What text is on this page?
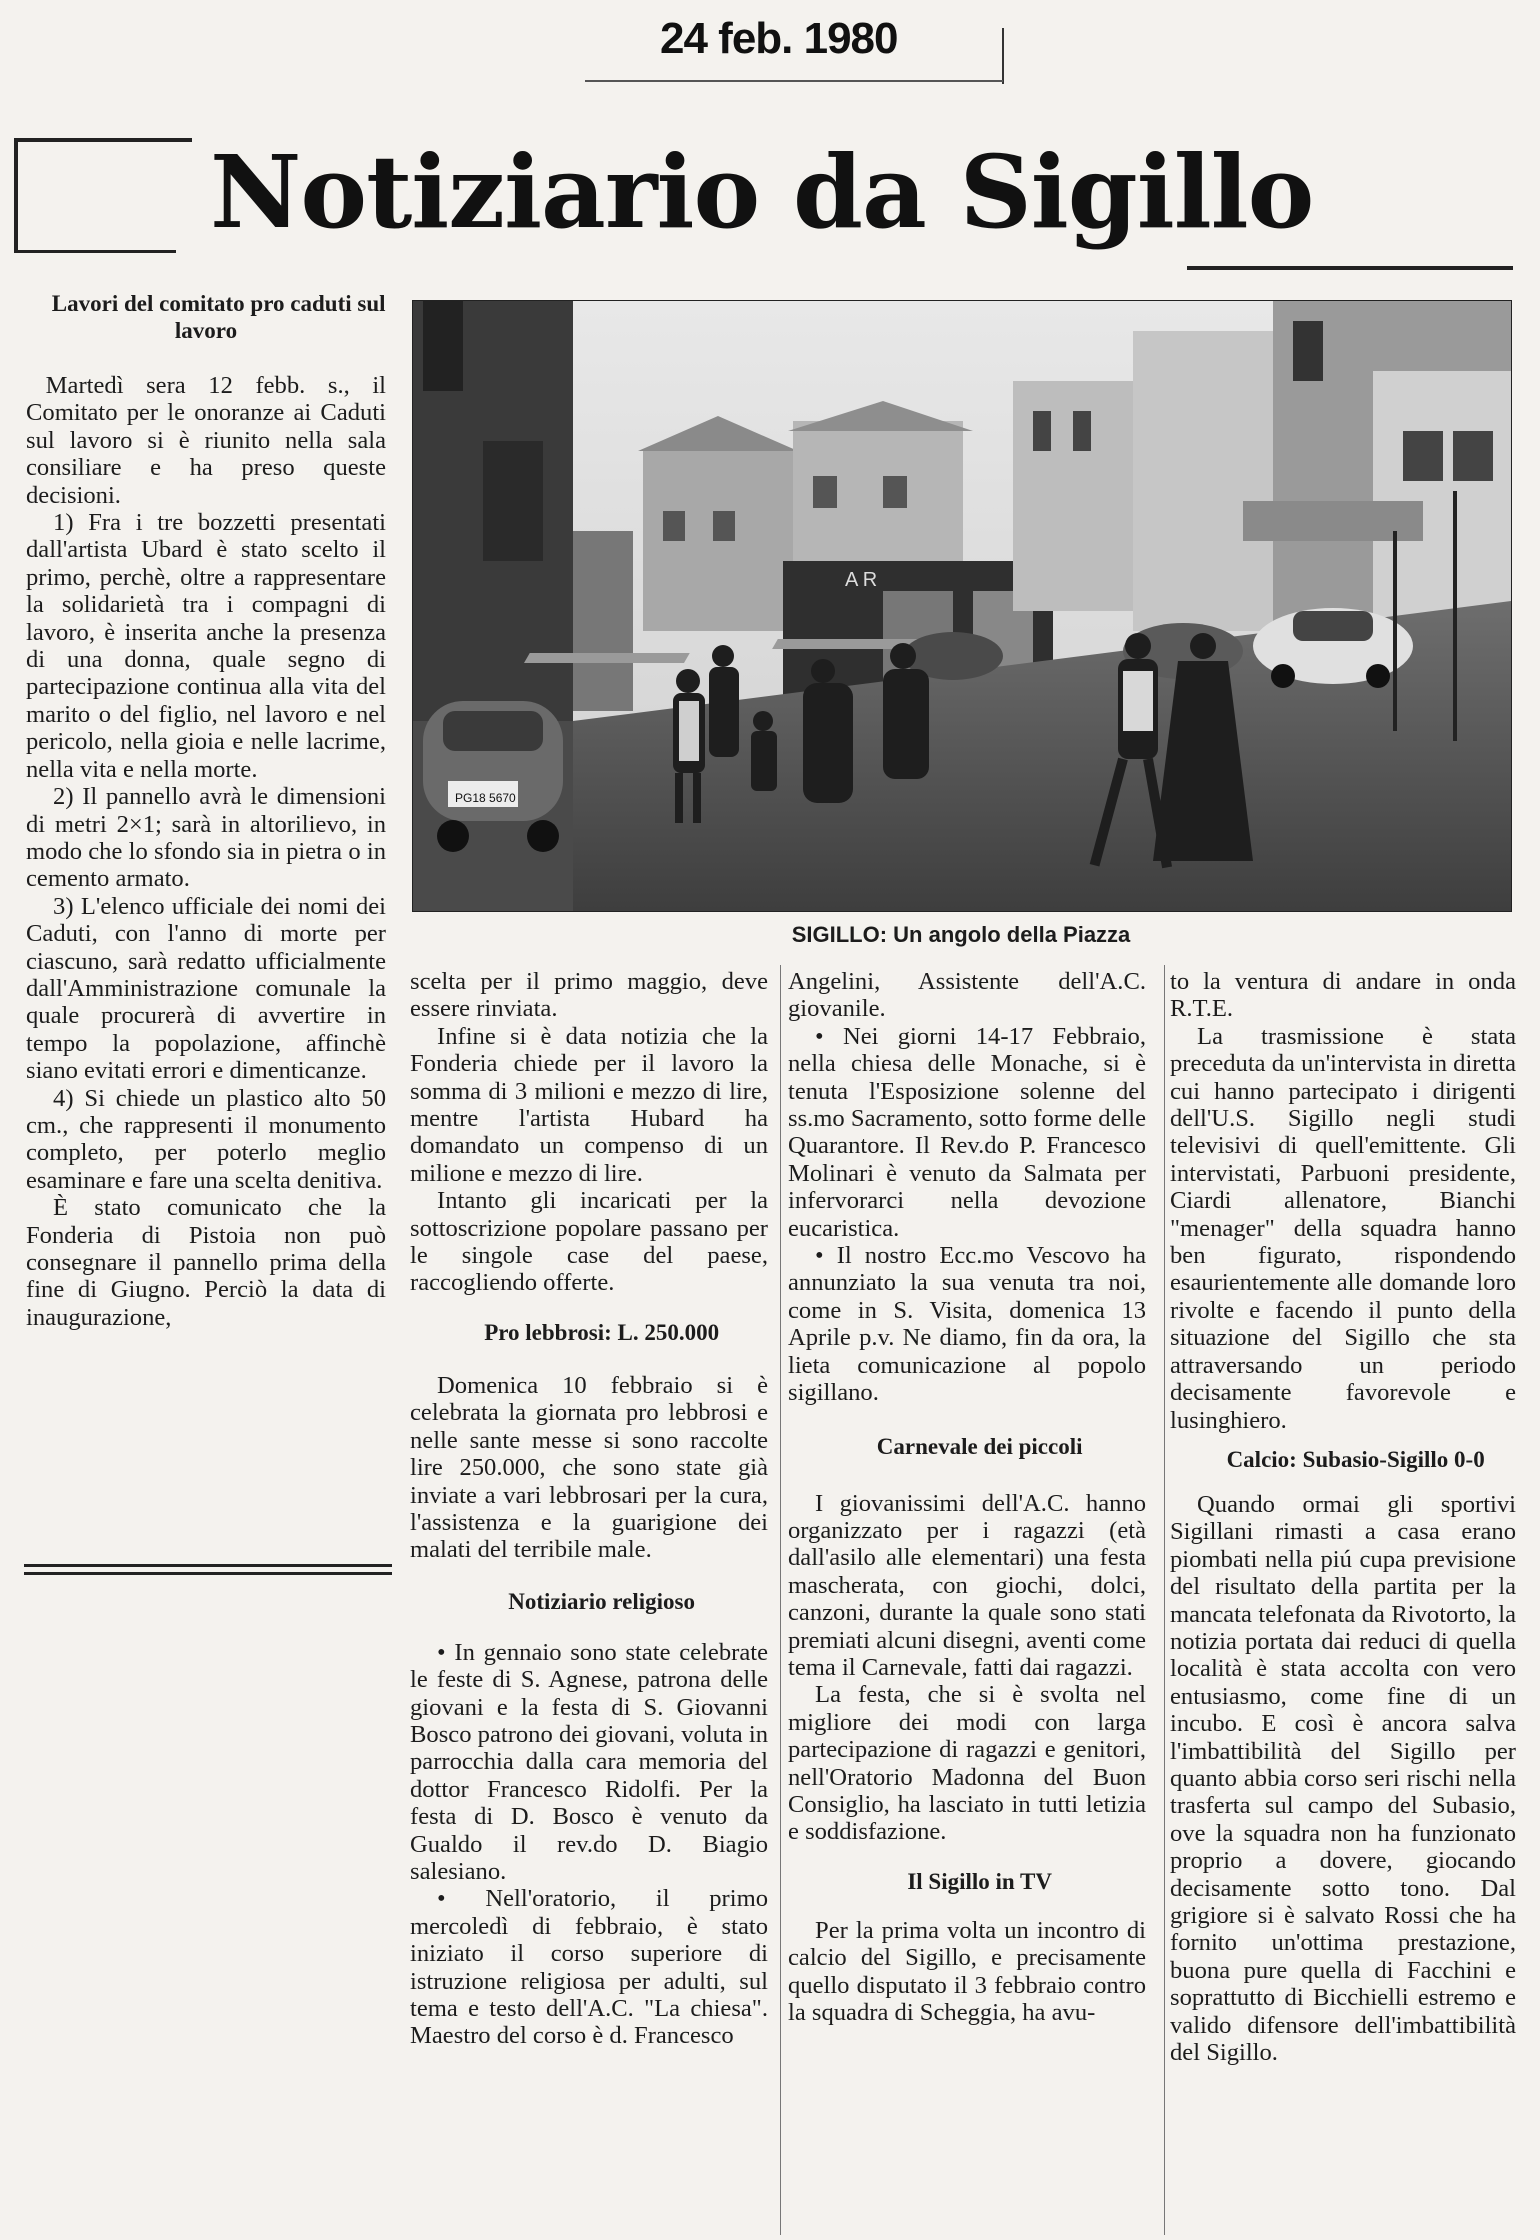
24 feb. 1980
Notiziario da Sigillo

Lavori del comitato pro caduti sul lavoro

Martedì sera 12 febb. s., il Comitato per le onoranze ai Caduti sul lavoro si è riunito nella sala consiliare e ha preso queste decisioni.

1) Fra i tre bozzetti presentati dall'artista Ubard è stato scelto il primo, perchè, oltre a rappresentare la solidarietà tra i compagni di lavoro, è inserita anche la presenza di una donna, quale segno di partecipazione continua alla vita del marito o del figlio, nel lavoro e nel pericolo, nella gioia e nelle lacrime, nella vita e nella morte.

2) Il pannello avrà le dimensioni di metri 2×1; sarà in altorilievo, in modo che lo sfondo sia in pietra o in cemento armato.

3) L'elenco ufficiale dei nomi dei Caduti, con l'anno di morte per ciascuno, sarà redatto ufficialmente dall'Amministrazione comunale la quale procurerà di avvertire in tempo la popolazione, affinchè siano evitati errori e dimenticanze.

4) Si chiede un plastico alto 50 cm., che rappresenti il monumento completo, per poterlo meglio esaminare e fare una scelta denitiva.

È stato comunicato che la Fonderia di Pistoia non può consegnare il pannello prima della fine di Giugno. Perciò la data di inaugurazione,

A R
PG18 5670
SIGILLO: Un angolo della Piazza

scelta per il primo maggio, deve essere rinviata.

Infine si è data notizia che la Fonderia chiede per il lavoro la somma di 3 milioni e mezzo di lire, mentre l'artista Hubard ha domandato un compenso di un milione e mezzo di lire.

Intanto gli incaricati per la sottoscrizione popolare passano per le singole case del paese, raccogliendo offerte.

Pro lebbrosi: L. 250.000

Domenica 10 febbraio si è celebrata la giornata pro lebbrosi e nelle sante messe si sono raccolte lire 250.000, che sono state già inviate a vari lebbrosari per la cura, l'assistenza e la guarigione dei malati del terribile male.

Notiziario religioso

• In gennaio sono state celebrate le feste di S. Agnese, patrona delle giovani e la festa di S. Giovanni Bosco patrono dei giovani, voluta in parrocchia dalla cara memoria del dottor Francesco Ridolfi. Per la festa di D. Bosco è venuto da Gualdo il rev.do D. Biagio salesiano.

• Nell'oratorio, il primo mercoledì di febbraio, è stato iniziato il corso superiore di istruzione religiosa per adulti, sul tema e testo dell'A.C. "La chiesa". Maestro del corso è d. Francesco

Angelini, Assistente dell'A.C. giovanile.

• Nei giorni 14-17 Febbraio, nella chiesa delle Monache, si è tenuta l'Esposizione solenne del ss.mo Sacramento, sotto forme delle Quarantore. Il Rev.do P. Francesco Molinari è venuto da Salmata per infervorarci nella devozione eucaristica.

• Il nostro Ecc.mo Vescovo ha annunziato la sua venuta tra noi, come in S. Visita, domenica 13 Aprile p.v. Ne diamo, fin da ora, la lieta comunicazione al popolo sigillano.

Carnevale dei piccoli

I giovanissimi dell'A.C. hanno organizzato per i ragazzi (età dall'asilo alle elementari) una festa mascherata, con giochi, dolci, canzoni, durante la quale sono stati premiati alcuni disegni, aventi come tema il Carnevale, fatti dai ragazzi.

La festa, che si è svolta nel migliore dei modi con larga partecipazione di ragazzi e genitori, nell'Oratorio Madonna del Buon Consiglio, ha lasciato in tutti letizia e soddisfazione.

Il Sigillo in TV

Per la prima volta un incontro di calcio del Sigillo, e precisamente quello disputato il 3 febbraio contro la squadra di Scheggia, ha avu-

to la ventura di andare in onda R.T.E.

La trasmissione è stata preceduta da un'intervista in diretta cui hanno partecipato i dirigenti dell'U.S. Sigillo negli studi televisivi di quell'emittente. Gli intervistati, Parbuoni presidente, Ciardi allenatore, Bianchi "menager" della squadra hanno ben figurato, rispondendo esaurientemente alle domande loro rivolte e facendo il punto della situazione del Sigillo che sta attraversando un periodo decisamente favorevole e lusinghiero.

Calcio: Subasio-Sigillo 0-0

Quando ormai gli sportivi Sigillani rimasti a casa erano piombati nella piú cupa previsione del risultato della partita per la mancata telefonata da Rivotorto, la notizia portata dai reduci di quella località è stata accolta con vero entusiasmo, come fine di un incubo. E così è ancora salva l'imbattibilità del Sigillo per quanto abbia corso seri rischi nella trasferta sul campo del Subasio, ove la squadra non ha funzionato proprio a dovere, giocando decisamente sotto tono. Dal grigiore si è salvato Rossi che ha fornito un'ottima prestazione, buona pure quella di Facchini e soprattutto di Bicchielli estremo e valido difensore dell'imbattibilità del Sigillo.
